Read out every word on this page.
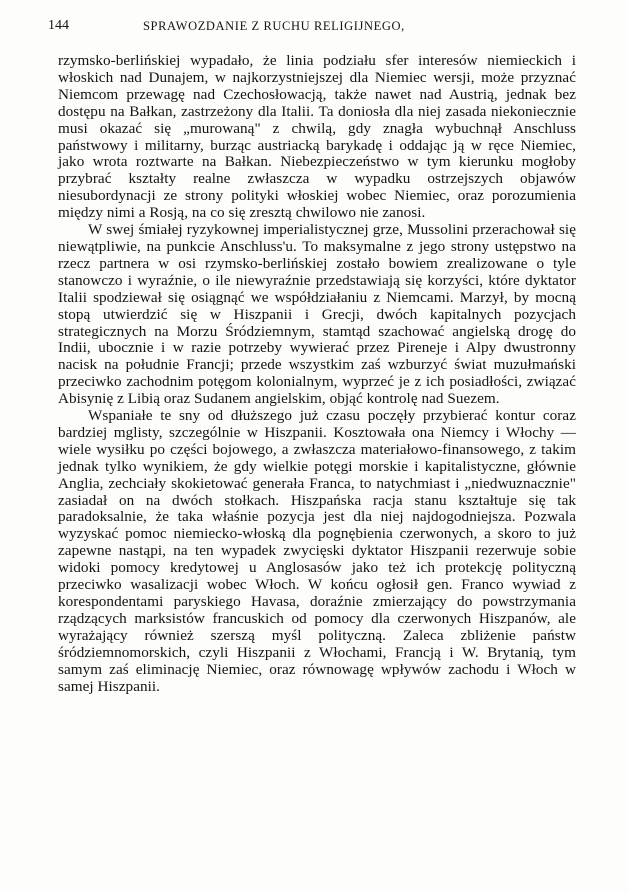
144	SPRAWOZDANIE Z RUCHU RELIGIJNEGO,

rzymsko-berlińskiej wypadało, że linia podziału sfer interesów niemieckich i włoskich nad Dunajem, w najkorzystniejszej dla Niemiec wersji, może przyznać Niemcom przewagę nad Czechosłowacją, także nawet nad Austrią, jednak bez dostępu na Bałkan, zastrzeżony dla Italii. Ta doniosła dla niej zasada niekoniecznie musi okazać się „murowaną" z chwilą, gdy znagła wybuchnął Anschluss państwowy i militarny, burząc austriacką barykadę i oddając ją w ręce Niemiec, jako wrota roztwarte na Bałkan. Niebezpieczeństwo w tym kierunku mogłoby przybrać kształty realne zwłaszcza w wypadku ostrzejszych objawów niesubordynacji ze strony polityki włoskiej wobec Niemiec, oraz porozumienia między nimi a Rosją, na co się zresztą chwilowo nie zanosi.

W swej śmiałej ryzykownej imperialistycznej grze, Mussolini przerachował się niewątpliwie, na punkcie Anschluss'u. To maksymalne z jego strony ustępstwo na rzecz partnera w osi rzymsko-berlińskiej zostało bowiem zrealizowane o tyle stanowczo i wyraźnie, o ile niewyraźnie przedstawiają się korzyści, które dyktator Italii spodziewał się osiągnąć we współdziałaniu z Niemcami. Marzył, by mocną stopą utwierdzić się w Hiszpanii i Grecji, dwóch kapitalnych pozycjach strategicznych na Morzu Śródziemnym, stamtąd szachować angielską drogę do Indii, ubocznie i w razie potrzeby wywierać przez Pireneje i Alpy dwustronny nacisk na południe Francji; przede wszystkim zaś wzburzyć świat muzułmański przeciwko zachodnim potęgom kolonialnym, wyprzeć je z ich posiadłości, związać Abisynię z Libią oraz Sudanem angielskim, objąć kontrolę nad Suezem.

Wspaniałe te sny od dłuższego już czasu poczęły przybierać kontur coraz bardziej mglisty, szczególnie w Hiszpanii. Kosztowała ona Niemcy i Włochy — wiele wysiłku po części bojowego, a zwłaszcza materiałowo-finansowego, z takim jednak tylko wynikiem, że gdy wielkie potęgi morskie i kapitalistyczne, głównie Anglia, zechciały skokietować generała Franca, to natychmiast i „niedwuznacznie" zasiadał on na dwóch stołkach. Hiszpańska racja stanu kształtuje się tak paradoksalnie, że taka właśnie pozycja jest dla niej najdogodniejsza. Pozwala wyzyskać pomoc niemiecko-włoską dla pognębienia czerwonych, a skoro to już zapewne nastąpi, na ten wypadek zwycięski dyktator Hiszpanii rezerwuje sobie widoki pomocy kredytowej u Anglosasów jako też ich protekcję polityczną przeciwko wasalizacji wobec Włoch. W końcu ogłosił gen. Franco wywiad z korespondentami paryskiego Havasa, doraźnie zmierzający do powstrzymania rządzących marksistów francuskich od pomocy dla czerwonych Hiszpanów, ale wyrażający również szerszą myśl polityczną. Zaleca zbliżenie państw śródziemnomorskich, czyli Hiszpanii z Włochami, Francją i W. Brytanią, tym samym zaś eliminację Niemiec, oraz równowagę wpływów zachodu i Włoch w samej Hiszpanii.
